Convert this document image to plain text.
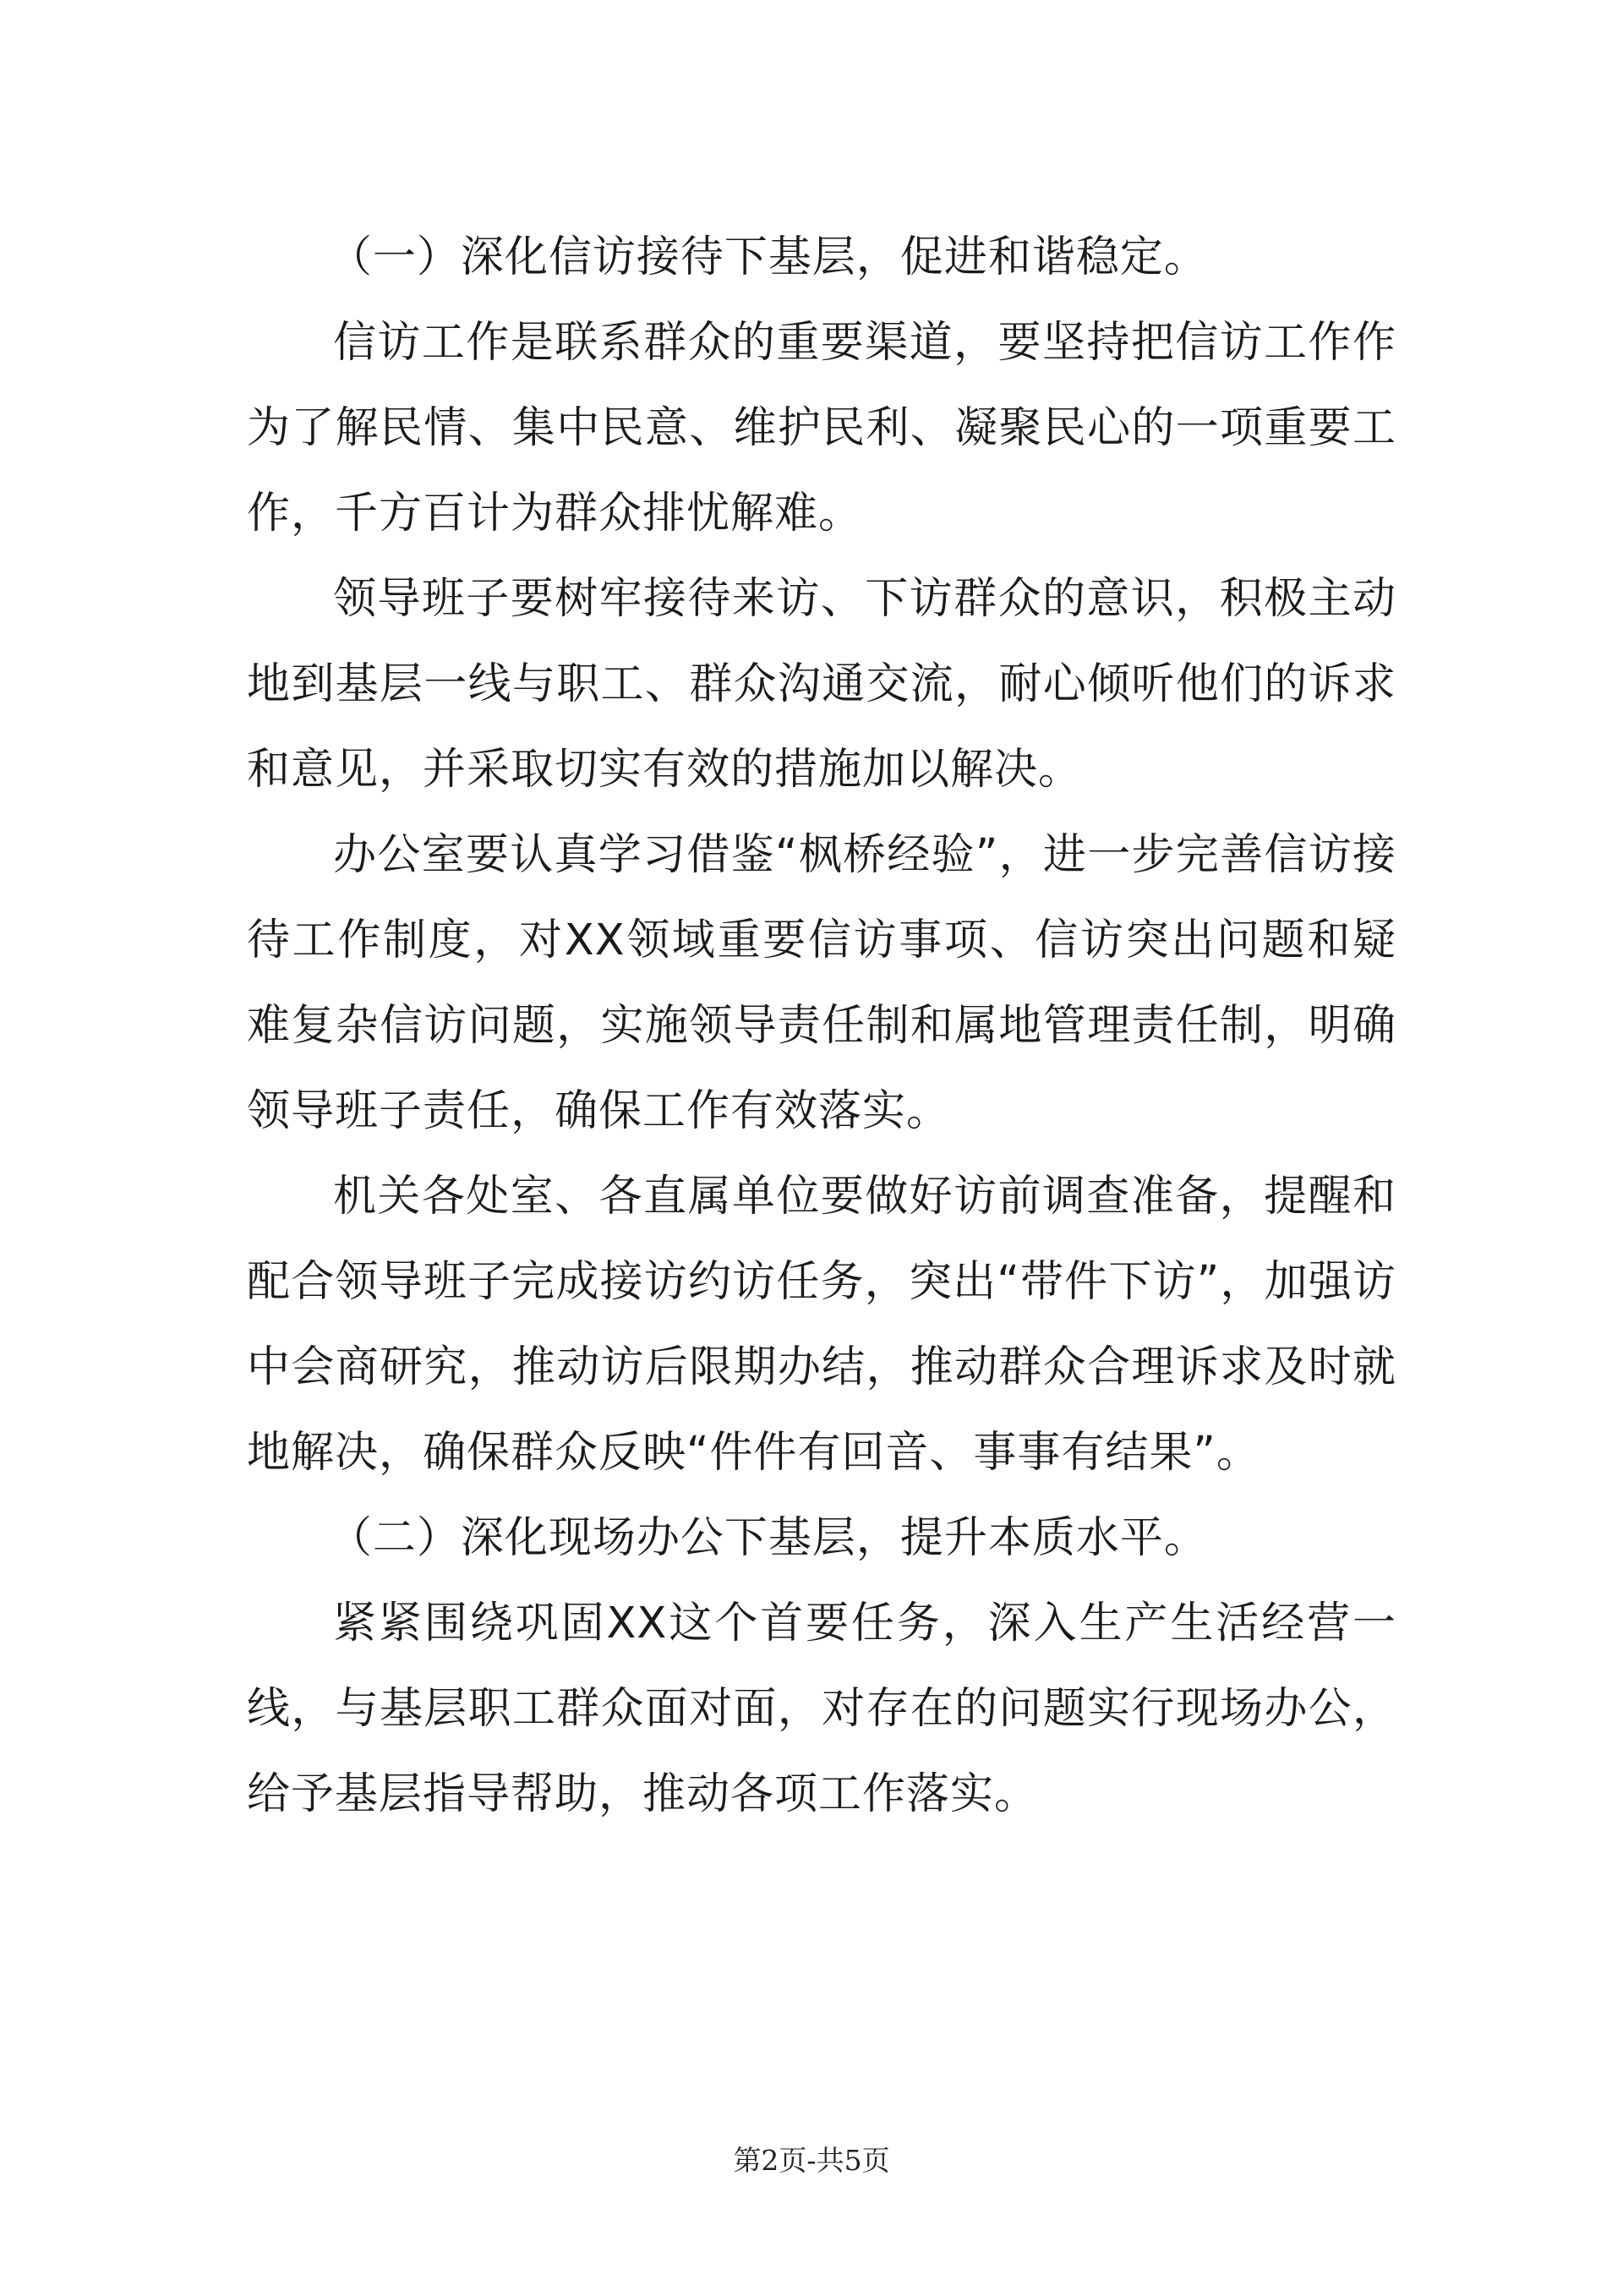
（一）深化信访接待下基层，促进和谐稳定。

信访工作是联系群众的重要渠道，要坚持把信访工作作为了解民情、集中民意、维护民利、凝聚民心的一项重要工作，千方百计为群众排忧解难。

领导班子要树牢接待来访、下访群众的意识，积极主动地到基层一线与职工、群众沟通交流，耐心倾听他们的诉求和意见，并采取切实有效的措施加以解决。

办公室要认真学习借鉴“枫桥经验”，进一步完善信访接待工作制度，对XX领域重要信访事项、信访突出问题和疑难复杂信访问题，实施领导责任制和属地管理责任制，明确领导班子责任，确保工作有效落实。

机关各处室、各直属单位要做好访前调查准备，提醒和配合领导班子完成接访约访任务，突出“带件下访”，加强访中会商研究，推动访后限期办结，推动群众合理诉求及时就地解决，确保群众反映“件件有回音、事事有结果”。

（二）深化现场办公下基层，提升本质水平。

紧紧围绕巩固XX这个首要任务，深入生产生活经营一线，与基层职工群众面对面，对存在的问题实行现场办公，给予基层指导帮助，推动各项工作落实。

第2页-共5页
